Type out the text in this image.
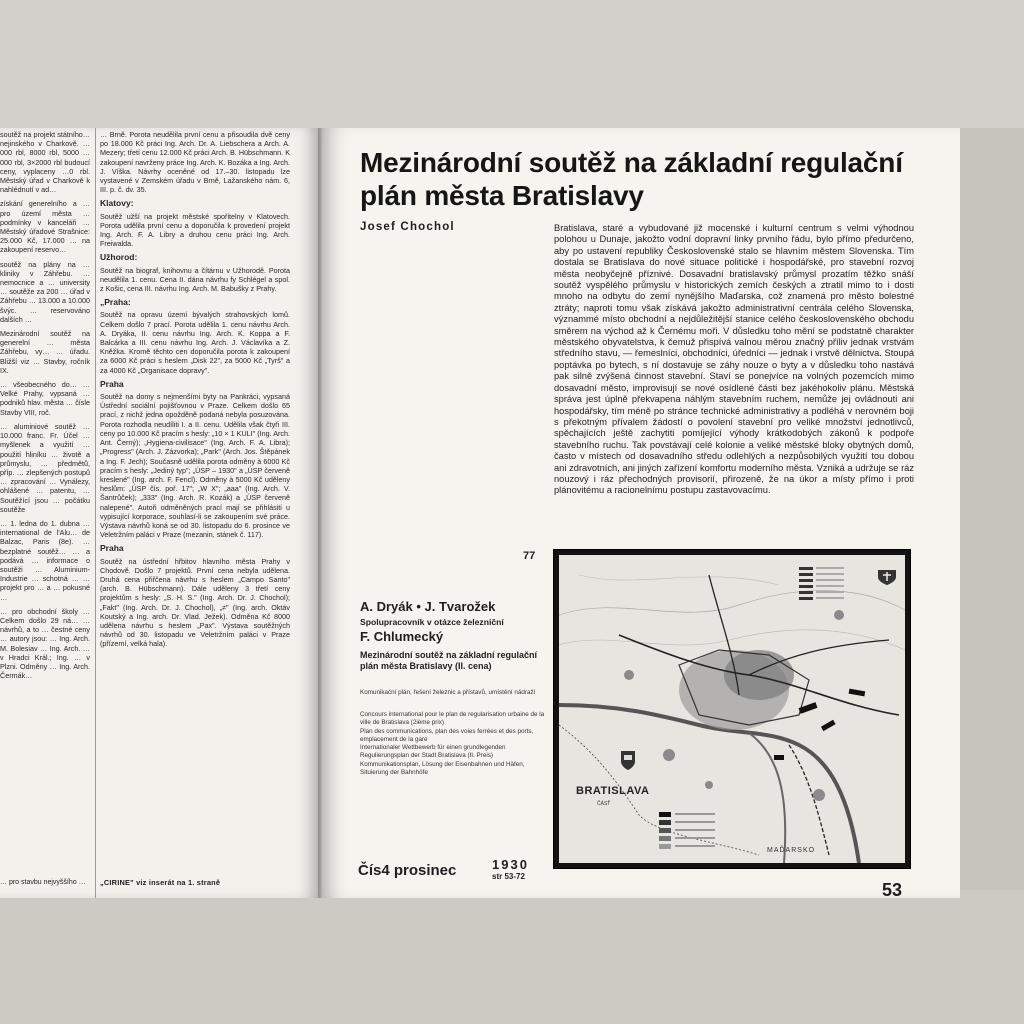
soutěž na projekt státního… nejinského v Charkově. …000 rbl, 8000 rbl, 5000 …000 rbl, 3×2000 rbl budoucí ceny, vyplaceny …0 rbl. Městský úřad v Charkově k nahlédnutí v ad…

získání generelního a … pro území města … podmínky v kanceláři … Městský úřadové Strašnice: 25.000 Kč, 17.000 … na zakoupení reservo…

soutěž na plány na … kliniky v Záhřebu. … nemocnice a … university … soutěže za 200 … úřad v Záhřebu … 13.000 a 10.000 švýc. … reservováno dalších …

Mezinárodní soutěž na generelní … města Záhřebu, vy… … úřadu. Bližší viz … Stavby, ročník IX.

… všeobecného do… … Velké Prahy, vypsaná … podniků hlav. města … čísle Stavby VIII, roč.

… aluminiové soutěž … 10.000 franc. Fr. Účel … myšlenek a využití … použití hliníku … životě a průmyslu, … předmětů, příp. … zlepšených postupů … zpracování … Vynálezy, ohlášené … patentu, … Soutěžící jsou … počátku soutěže

… 1. ledna do 1. dubna … international de l'Alu… de Balzac, Paris (8e). … bezplatné soutěž… … a podává … informace o soutěži … Aluminium-Industrie … schotná … … projekt pro … a … pokusné …

… pro obchodní školy … Celkem došlo 29 ná… … návrhů, a to … čestné ceny … autory jsou: … Ing. Arch. M. Bolesiav … Ing. Arch. … v Hradci Král.; Ing. … v Plzni. Odměny … Ing. Arch. Čermák…

… pro stavbu nejvyššího …

… Brně. Porota neudělila první cenu a přisoudila dvě ceny po 18.000 Kč práci Ing. Arch. Dr. A. Liebschera a Arch. A. Mezery; třetí cenu 12.000 Kč práci Arch. B. Hübschmann. K zakoupení navrženy práce Ing. Arch. K. Bozáka a Ing. Arch. J. Víška. Návrhy oceněné od 17.–30. listopadu lze vystavené v Zemském úřadu v Brně, Lažanského nám. 6, III. p. č. dv. 35.

Klatovy:

Soutěž užší na projekt městské spořitelny v Klatovech. Porota udělila první cenu a doporučila k provedení projekt Ing. Arch. F. A. Libry a druhou cenu práci Ing. Arch. Freiwalda.

Užhorod:

Soutěž na biograf, knihovnu a čítárnu v Užhorodě. Porota neudělila 1. cenu. Cena II. dána návrhu fy Schlégel a spol. z Košic, cena III. návrhu Ing. Arch. M. Babušky z Prahy.

„Praha:

Soutěž na opravu území bývalých strahovských lomů. Celkem došlo 7 prací. Porota udělila 1. cenu návrhu Arch. A. Dryáka, II. cenu návrhu Ing. Arch. K. Koppa a F. Balcárka a III. cenu návrhu Ing. Arch. J. Václavíka a Z. Kněžka. Kromě těchto cen doporučila porota k zakoupení za 6000 Kč práci s heslem „Disk 22", za 5000 Kč „Tyrš" a za 4000 Kč „Organisace dopravy".

Praha

Soutěž na domy s nejmenšími byty na Pankráci, vypsaná Ústřední sociální pojišťovnou v Praze. Celkem došlo 65 prací, z nichž jedna opožděně podaná nebyla posuzována. Porota rozhodla neudíliti I. a II. cenu. Udělila však čtyři III. ceny po 10.000 Kč pracím s hesly: „10 × 1 KULI" (Ing. Arch. Ant. Černý); „Hygiena-civilisace" (Ing. Arch. F. A. Libra); „Progress" (Arch. J. Zázvorka); „Park" (Arch. Jos. Štěpánek a Ing. F. Jech); Současně udělila porota odměny à 6000 Kč pracím s hesly: „Jediný typ"; „ÚSP – 1930" a „ÚSP červeně kreslené" (Ing. arch. F. Fencl). Odměny à 5000 Kč uděleny heslům: „ÚSP čís. poř. 17"; „W X"; „aaa" (Ing. Arch. V. Šantrůček); „333" (Ing. Arch. R. Kozák) a „ÚSP červeně nalepené". Autoři odměněných prací mají se přihlásiti u vypisující korporace, souhlasí-li se zakoupením své práce. Výstava návrhů koná se od 30. listopadu do 6. prosince ve Veletržním paláci v Praze (mezanin, stánek č. 117).

Praha

Soutěž na ústřední hřbitov hlavního města Prahy v Chodově. Došlo 7 projektů. První cena nebyla udělena. Druhá cena přiřčena návrhu s heslem „Campo Santo" (arch. B. Hübschmann). Dále uděleny 3 třetí ceny projektům s hesly: „S. H. S." (Ing. Arch. Dr. J. Chochol); „Fakt" (Ing. Arch. Dr. J. Chochol), „≠" (Ing. arch. Oktáv Koutský a Ing. arch. Dr. Vlad. Ježek). Odměna Kč 8000 udělena návrhu s heslem „Pax". Výstava soutěžných návrhů od 30. listopadu ve Veletržním paláci v Praze (přízemí, velká hala).

„CIRINE" viz inserát na 1. straně
Mezinárodní soutěž na základní regulační plán města Bratislavy
Josef Chochol	Bratislava, staré a vybudované již mocenské i kulturní centrum s velmi výhodnou polohou u Dunaje, jakožto vodní dopravní linky prvního řádu, bylo přímo předurčeno, aby po ustavení republiky Československé stalo se hlavním městem Slovenska. Tím dostala se Bratislava do nové situace politické i hospodářské, pro stavební rozvoj města neobyčejně příznivé. Dosavadní bratislavský průmysl prozatím těžko snáší soutěž vyspělého průmyslu v historických zemích českých a ztratil mimo to i dosti mnoho na odbytu do zemí nynějšího Maďarska, což znamená pro město bolestné ztráty; naproti tomu však získává jakožto administrativní centrála celého Slovenska, význammé místo obchodní a nejdůležitější stanice celého československého obchodu směrem na východ až k Černému moři. V důsledku toho mění se podstatně charakter městského obyvatelstva, k čemuž přispívá valnou měrou značný příliv jednak vrstvám středního stavu, — řemeslníci, obchodníci, úředníci — jednak i vrstvě dělnictva. Stoupá poptávka po bytech, s ní dostavuje se záhy nouze o byty a v důsledku toho nastává pak silně zvýšená činnost stavební. Staví se ponejvíce na volných pozemcích mimo dosavadní město, improvisují se nové osídlené části bez jakéhokoliv plánu. Městská správa jest úplně překvapena náhlým stavebním ruchem, nemůže jej ovládnouti ani hospodářsky, tím méně po stránce technické administrativy a podléhá v nerovném boji s překotným přívalem žádostí o povolení stavební pro veliké množství jednotlivců, spěchajících ještě zachytiti pomíjející výhody krátkodobých zákonů k podpoře stavebního ruchu. Tak povstávají celé kolonie a veliké městské bloky obytných domů, často v místech od dosavadního středu odlehlých a nezpůsobilých využití tou dobou ani zdravotních, ani jiných zařízení komfortu moderního města. Vzniká a udržuje se ráz nouzový i ráz přechodných provisorií, přirozeně, že na úkor a místy přímo i proti plánovitému a racionelnímu postupu zastavovacímu.
77
A. Dryák • J. Tvarožek
Spolupracovník v otázce železniční
F. Chlumecký
Mezinárodní soutěž na základní regulační plán města Bratislavy (II. cena)
Komunikační plán, řešení železnic a přístavů, umístění nádraží
Concours international pour le plan de regularisation urbaine de la ville de Bratislava (2ième prix)
Plan des communications, plan des voies ferrées et des ports, emplacement de la gare
Internationaler Wettbewerb für einen grundlegenden Regulierungsplan der Stadt Bratislava (II. Preis)
Kommunikationsplan, Lösung der Eisenbahnen und Häfen, Situierung der Bahnhöfe
BRATISLAVA
ČÁSŤ
MAĎARSKO
Čís4 prosinec	1930
str 53-72
53
